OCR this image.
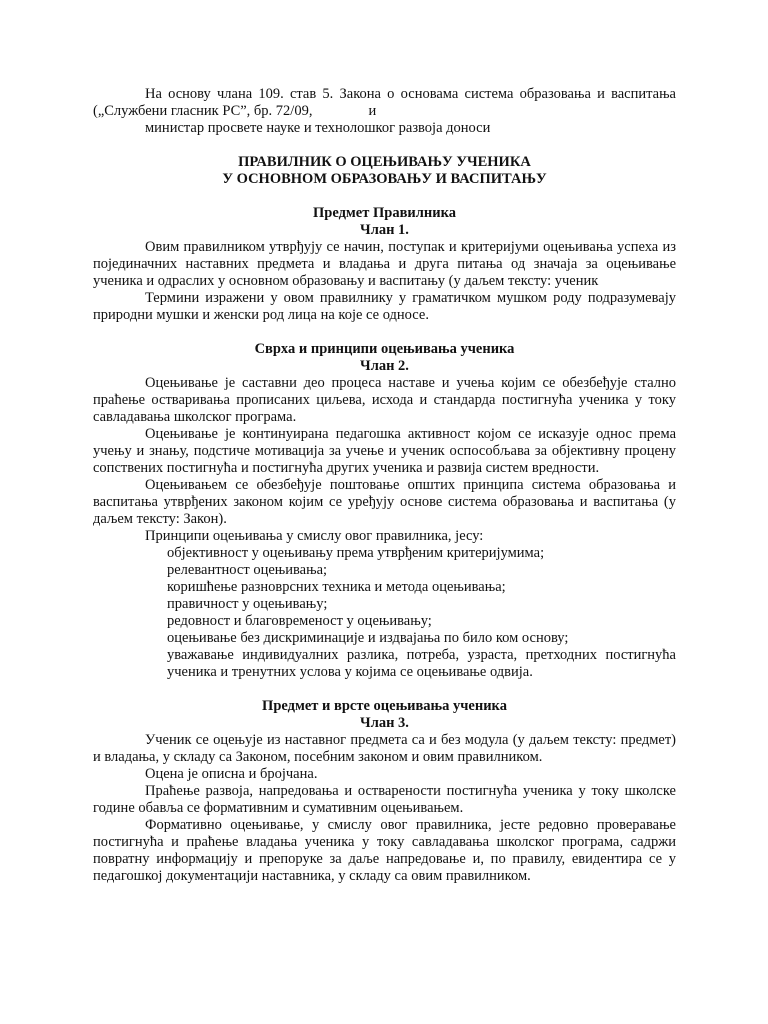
На основу члана 109. став 5. Закона о основама система образовања и васпитања („Службени гласник РС”, бр. 72/09,	и

министар просвете науке и технолошког развоја доноси

ПРАВИЛНИК О ОЦЕЊИВАЊУ УЧЕНИКА
У ОСНОВНОМ ОБРАЗОВАЊУ И ВАСПИТАЊУ
Предмет Правилника
Члан 1.

Овим правилником утврђују се начин, поступак и критеријуми оцењивања успеха из појединачних наставних предмета и владања и друга питања од значаја за оцењивање ученика и одраслих у основном образовању и васпитању (у даљем тексту: ученик

Термини изражени у овом правилнику у граматичком мушком роду подразумевају природни мушки и женски род лица на које се односе.

Сврха и принципи оцењивања ученика
Члан 2.

Оцењивање је саставни део процеса наставе и учења којим се обезбеђује стално праћење остваривања прописаних циљева, исхода и стандарда постигнућа ученика у току савладавања школског програма.

Оцењивање је континуирана педагошка активност којом се исказује однос према учењу и знању, подстиче мотивација за учење и ученик оспособљава за објективну процену сопствених постигнућа и постигнућа других ученика и развија систем вредности.

Оцењивањем се обезбеђује поштовање општих принципа система образовања и васпитања утврђених законом којим се уређују основе система образовања и васпитања (у даљем тексту: Закон).

Принципи оцењивања у смислу овог правилника, јесу:

објективност у оцењивању према утврђеним критеријумима;
релевантност оцењивања;
коришћење разноврсних техника и метода оцењивања;
правичност у оцењивању;
редовност и благовременост у оцењивању;
оцењивање без дискриминације и издвајања по било ком основу;
уважавање индивидуалних разлика, потреба, узраста, претходних постигнућа ученика и тренутних услова у којима се оцењивање одвија.
Предмет и врсте оцењивања ученика
Члан 3.

Ученик се оцењује из наставног предмета са и без модула (у даљем тексту: предмет) и владања, у складу са Законом, посебним законом и овим правилником.

Оцена је описна и бројчана.

Праћење развоја, напредовања и остварености постигнућа ученика у току школске године обавља се формативним и сумативним оцењивањем.

Формативно оцењивање, у смислу овог правилника, јесте редовно проверавање постигнућа и праћење владања ученика у току савладавања школског програма, садржи повратну информацију и препоруке за даље напредовање и, по правилу, евидентира се у педагошкој документацији наставника, у складу са овим правилником.
